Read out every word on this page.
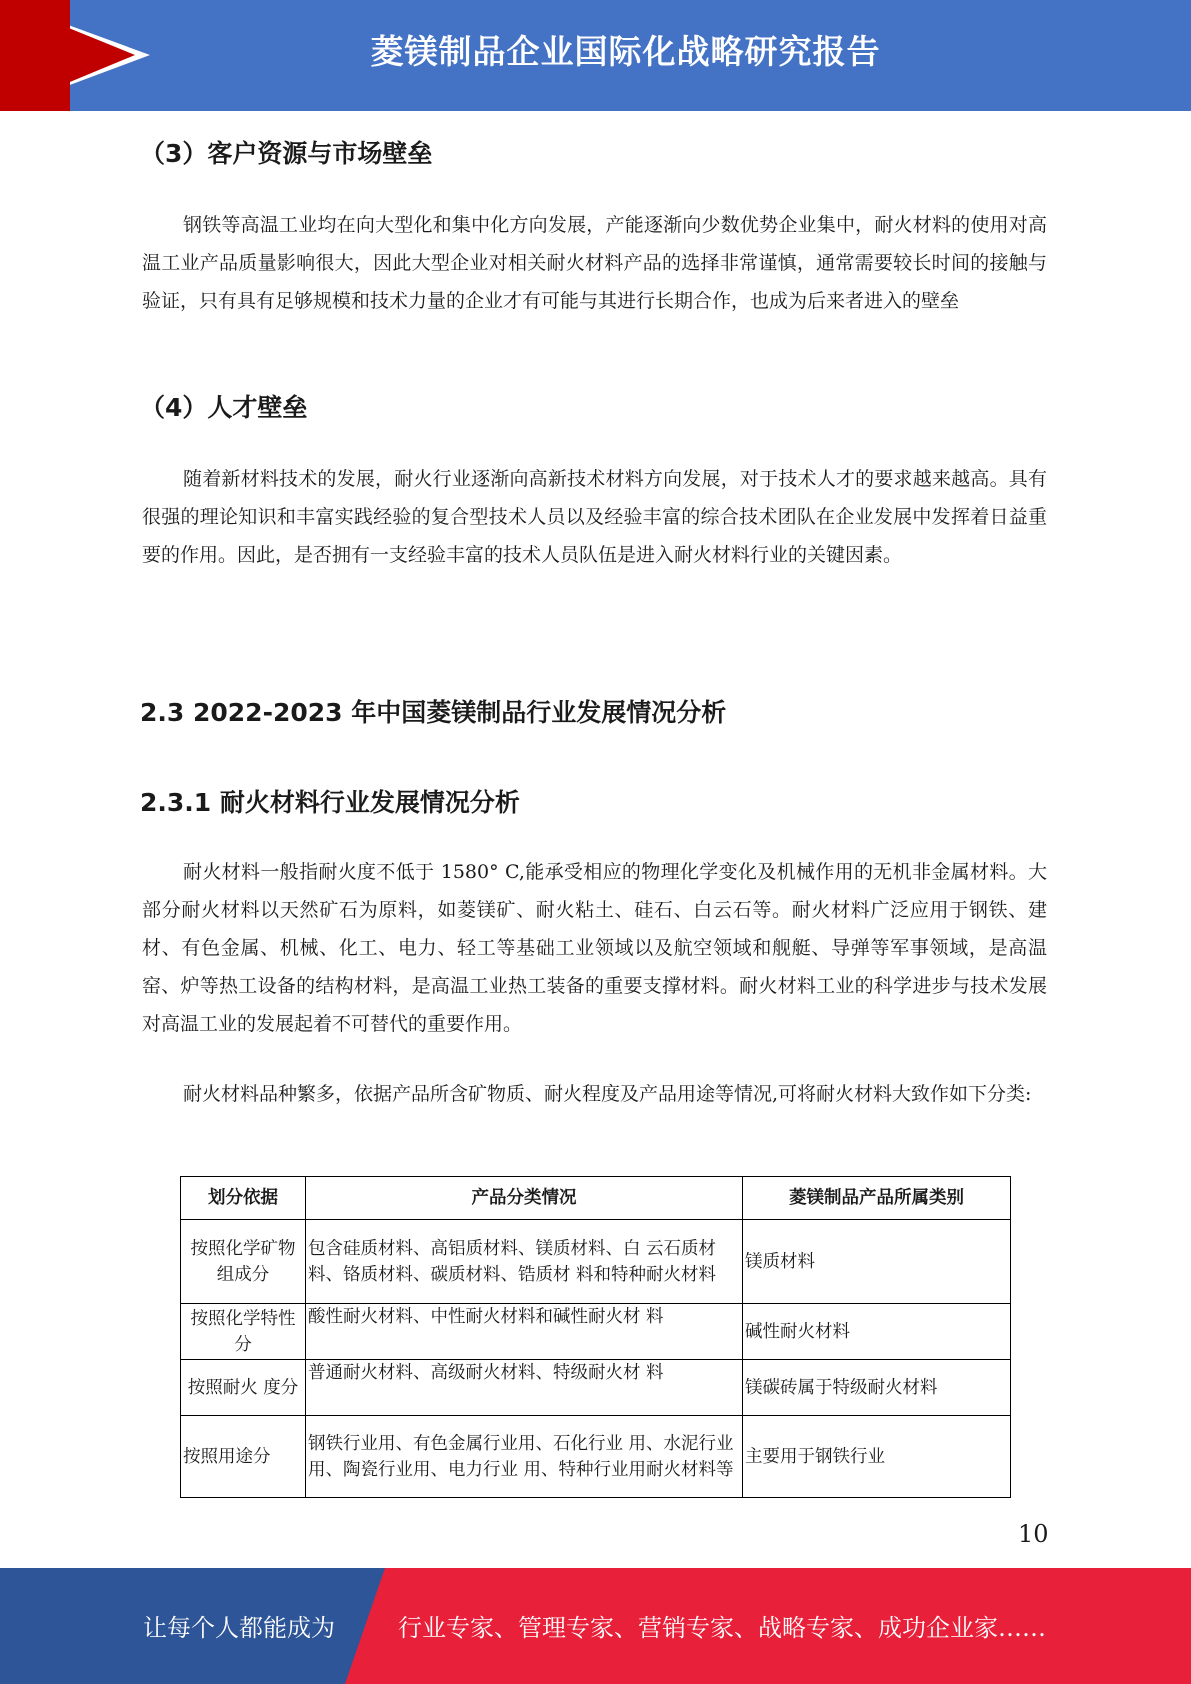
菱镁制品企业国际化战略研究报告
（3）客户资源与市场壁垒

钢铁等高温工业均在向大型化和集中化方向发展，产能逐渐向少数优势企业集中，耐火材料的使用对高温工业产品质量影响很大，因此大型企业对相关耐火材料产品的选择非常谨慎，通常需要较长时间的接触与验证，只有具有足够规模和技术力量的企业才有可能与其进行长期合作，也成为后来者进入的壁垒

（4）人才壁垒

随着新材料技术的发展，耐火行业逐渐向高新技术材料方向发展，对于技术人才的要求越来越高。具有很强的理论知识和丰富实践经验的复合型技术人员以及经验丰富的综合技术团队在企业发展中发挥着日益重要的作用。因此，是否拥有一支经验丰富的技术人员队伍是进入耐火材料行业的关键因素。

2.3 2022-2023 年中国菱镁制品行业发展情况分析
2.3.1 耐火材料行业发展情况分析

耐火材料一般指耐火度不低于 1580° C,能承受相应的物理化学变化及机械作用的无机非金属材料。大部分耐火材料以天然矿石为原料，如菱镁矿、耐火粘土、硅石、白云石等。耐火材料广泛应用于钢铁、建材、有色金属、机械、化工、电力、轻工等基础工业领域以及航空领域和舰艇、导弹等军事领域，是高温窑、炉等热工设备的结构材料，是高温工业热工装备的重要支撑材料。耐火材料工业的科学进步与技术发展对高温工业的发展起着不可替代的重要作用。

耐火材料品种繁多，依据产品所含矿物质、耐火程度及产品用途等情况,可将耐火材料大致作如下分类:

划分依据	产品分类情况	菱镁制品产品所属类别
按照化学矿物组成分	包含硅质材料、高铝质材料、镁质材料、白 云石质材料、铬质材料、碳质材料、锆质材 料和特种耐火材料	镁质材料
按照化学特性分	酸性耐火材料、中性耐火材料和碱性耐火材 料	碱性耐火材料
按照耐火 度分	普通耐火材料、高级耐火材料、特级耐火材 料	镁碳砖属于特级耐火材料
按照用途分	钢铁行业用、有色金属行业用、石化行业 用、水泥行业用、陶瓷行业用、电力行业 用、特种行业用耐火材料等	主要用于钢铁行业
10
让每个人都能成为	行业专家、管理专家、营销专家、战略专家、成功企业家……
